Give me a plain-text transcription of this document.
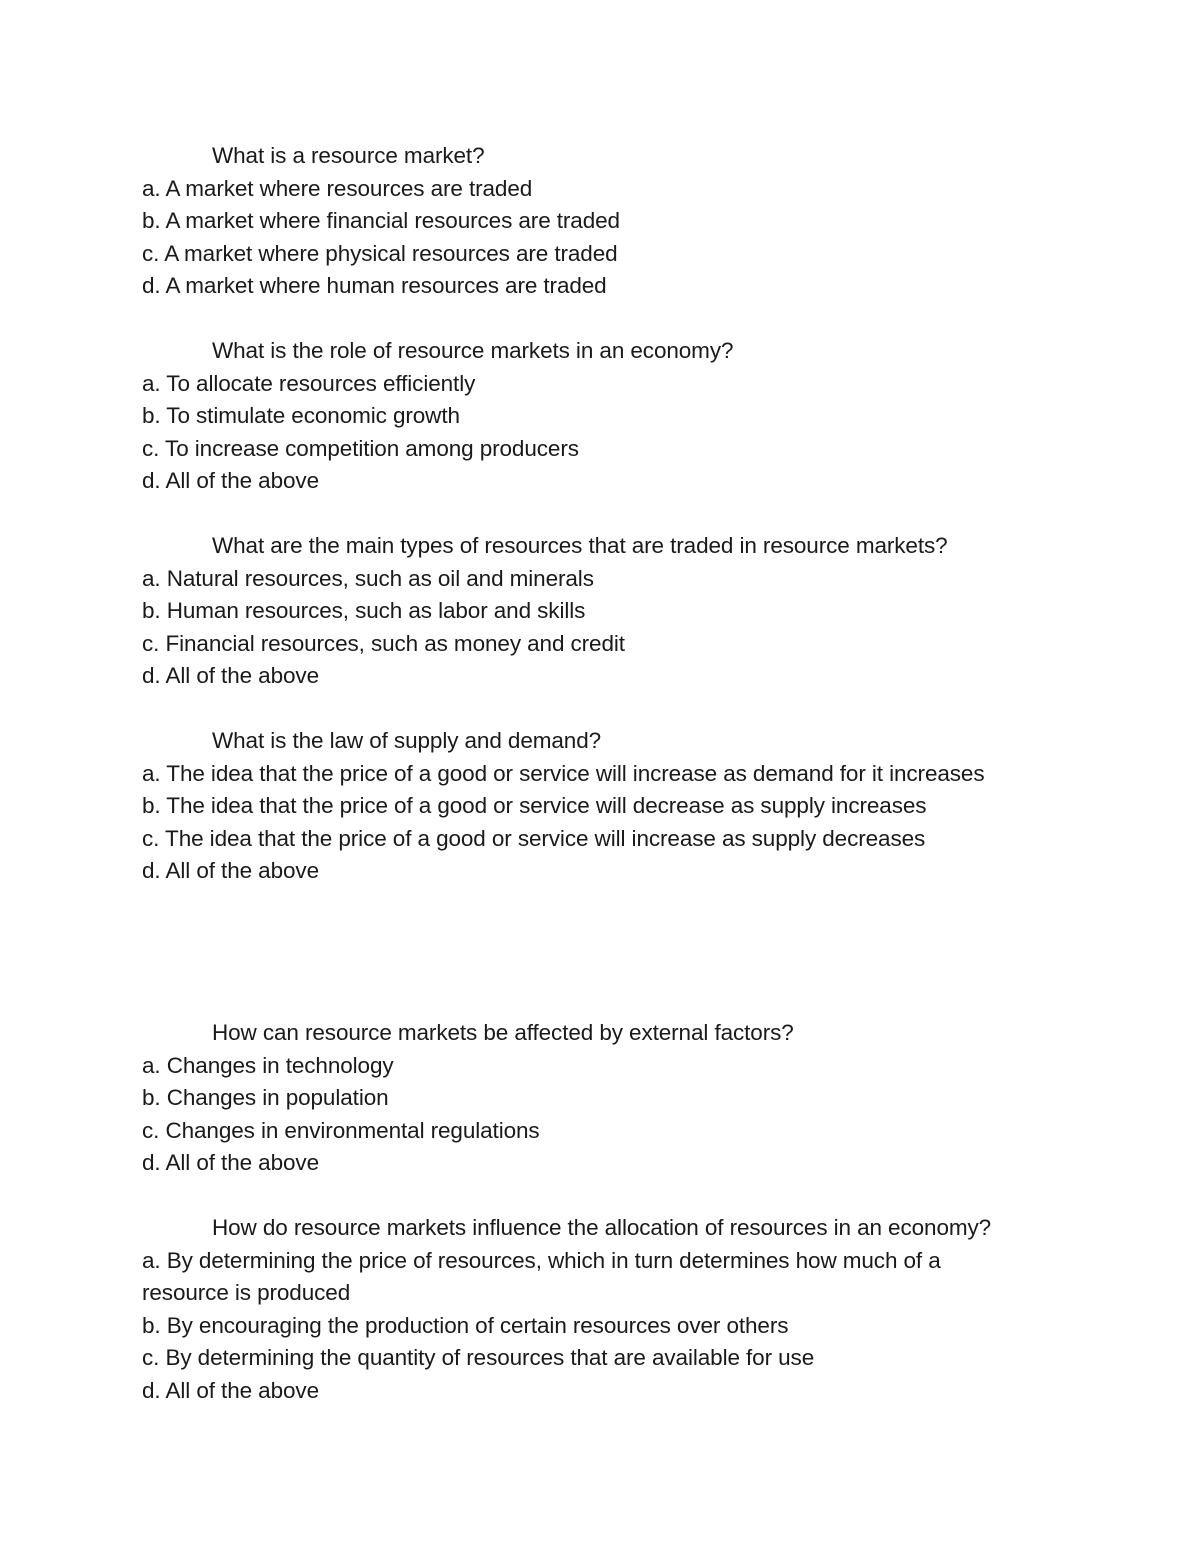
What is a resource market?
a. A market where resources are traded
b. A market where financial resources are traded
c. A market where physical resources are traded
d. A market where human resources are traded
What is the role of resource markets in an economy?
a. To allocate resources efficiently
b. To stimulate economic growth
c. To increase competition among producers
d. All of the above
What are the main types of resources that are traded in resource markets?
a. Natural resources, such as oil and minerals
b. Human resources, such as labor and skills
c. Financial resources, such as money and credit
d. All of the above
What is the law of supply and demand?
a. The idea that the price of a good or service will increase as demand for it increases
b. The idea that the price of a good or service will decrease as supply increases
c. The idea that the price of a good or service will increase as supply decreases
d. All of the above
How can resource markets be affected by external factors?
a. Changes in technology
b. Changes in population
c. Changes in environmental regulations
d. All of the above
How do resource markets influence the allocation of resources in an economy?
a. By determining the price of resources, which in turn determines how much of a resource is produced
b. By encouraging the production of certain resources over others
c. By determining the quantity of resources that are available for use
d. All of the above
